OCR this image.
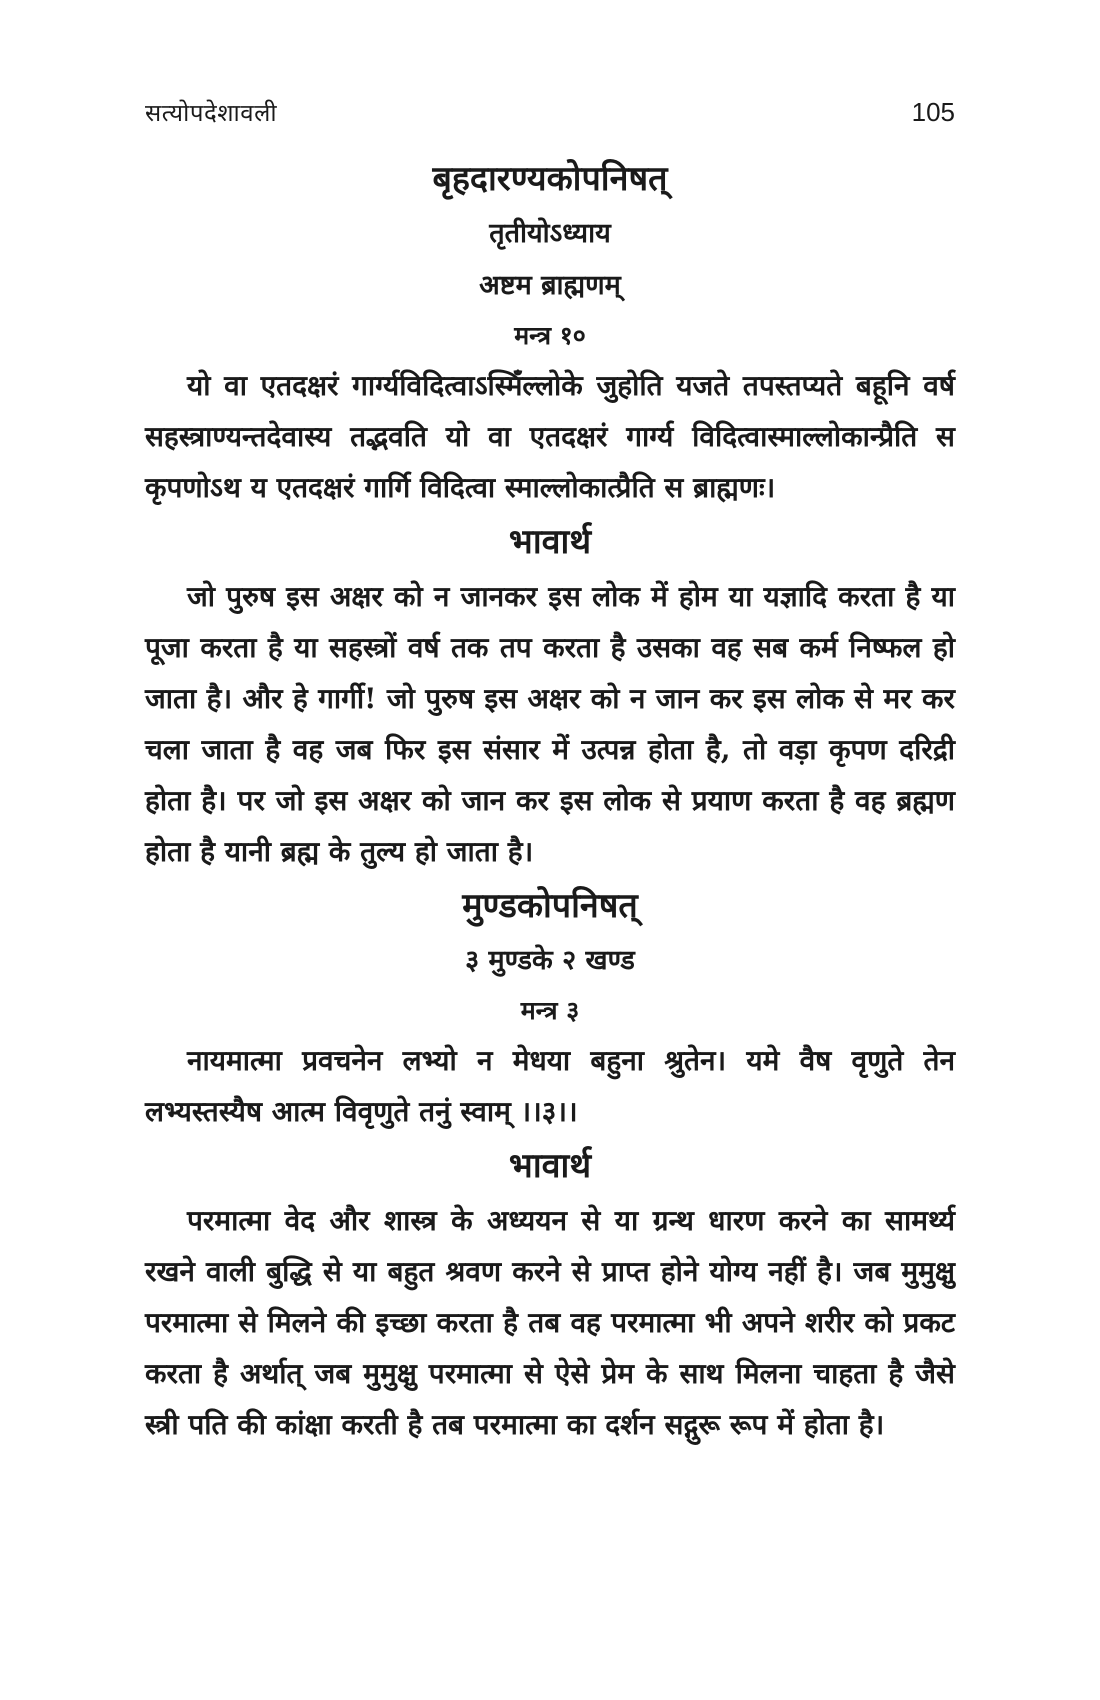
सत्योपदेशावली	105
बृहदारण्यकोपनिषत्
तृतीयोऽध्याय
अष्टम ब्राह्मणम्
मन्त्र १०

यो वा एतदक्षरं गार्ग्यविदित्वाऽस्मिँल्लोके जुहोति यजते तपस्तप्यते बहूनि वर्ष सहस्त्राण्यन्तदेवास्य तद्भवति यो वा एतदक्षरं गार्ग्य विदित्वास्माल्लोकान्प्रैति स कृपणोऽथ य एतदक्षरं गार्गि विदित्वा स्माल्लोकात्प्रैति स ब्राह्मणः।

भावार्थ

जो पुरुष इस अक्षर को न जानकर इस लोक में होम या यज्ञादि करता है या पूजा करता है या सहस्त्रों वर्ष तक तप करता है उसका वह सब कर्म निष्फल हो जाता है। और हे गार्गी! जो पुरुष इस अक्षर को न जान कर इस लोक से मर कर चला जाता है वह जब फिर इस संसार में उत्पन्न होता है, तो वड़ा कृपण दरिद्री होता है। पर जो इस अक्षर को जान कर इस लोक से प्रयाण करता है वह ब्रह्मण होता है यानी ब्रह्म के तुल्य हो जाता है।

मुण्डकोपनिषत्
३ मुण्डके २ खण्ड
मन्त्र ३

नायमात्मा प्रवचनेन लभ्यो न मेधया बहुना श्रुतेन। यमे वैष वृणुते तेन लभ्यस्तस्यैष आत्म विवृणुते तनुं स्वाम् ।।३।।

भावार्थ

परमात्मा वेद और शास्त्र के अध्ययन से या ग्रन्थ धारण करने का सामर्थ्य रखने वाली बुद्धि से या बहुत श्रवण करने से प्राप्त होने योग्य नहीं है। जब मुमुक्षु परमात्मा से मिलने की इच्छा करता है तब वह परमात्मा भी अपने शरीर को प्रकट करता है अर्थात् जब मुमुक्षु परमात्मा से ऐसे प्रेम के साथ मिलना चाहता है जैसे स्त्री पति की कांक्षा करती है तब परमात्मा का दर्शन सद्गुरू रूप में होता है।
